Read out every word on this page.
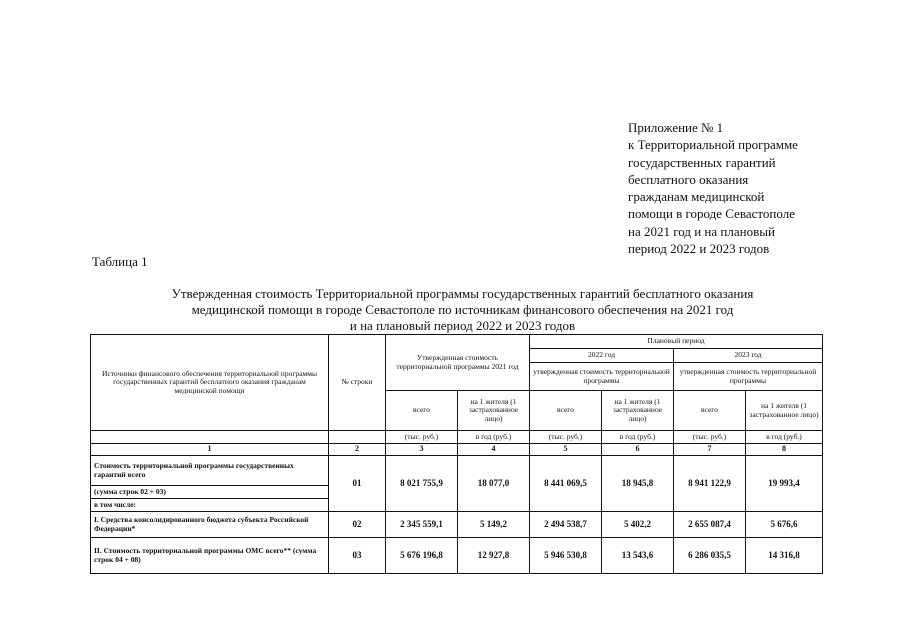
Приложение № 1
к Территориальной программе
государственных гарантий
бесплатного оказания
гражданам медицинской
помощи в городе Севастополе
на 2021 год и на плановый
период 2022 и 2023 годов
Таблица 1
Утвержденная стоимость Территориальной программы государственных гарантий бесплатного оказания
медицинской помощи в городе Севастополе по источникам финансового обеспечения на 2021 год
и на плановый период 2022 и 2023 годов
Источники финансового обеспечения территориальной программы государственных гарантий бесплатного оказания гражданам медицинской помощи	№ строки	Утвержденная стоимость территориальной программы 2021 год		Плановый период			
				2022 год		2023 год	
				утвержденная стоимость территориальной программы		утвержденная стоимость территориальной программы	
		всего	на 1 жителя (1 застрахованное лицо)	всего	на 1 жителя (1 застрахованное лицо)	всего	на 1 жителя (1 застрахованное лицо)
		(тыс. руб.)	в год (руб.)	(тыс. руб.)	в год (руб.)	(тыс. руб.)	в год (руб.)
1	2	3	4	5	6	7	8
Стоимость территориальной программы государственных гарантий всего	01	8 021 755,9	18 077,0	8 441 069,5	18 945,8	8 941 122,9	19 993,4
(сумма строк 02 + 03)							
в том числе:							
I. Средства консолидированного бюджета субъекта Российской Федерации*	02	2 345 559,1	5 149,2	2 494 538,7	5 402,2	2 655 087,4	5 676,6
II. Стоимость территориальной программы ОМС всего** (сумма строк 04 + 08)	03	5 676 196,8	12 927,8	5 946 530,8	13 543,6	6 286 035,5	14 316,8
